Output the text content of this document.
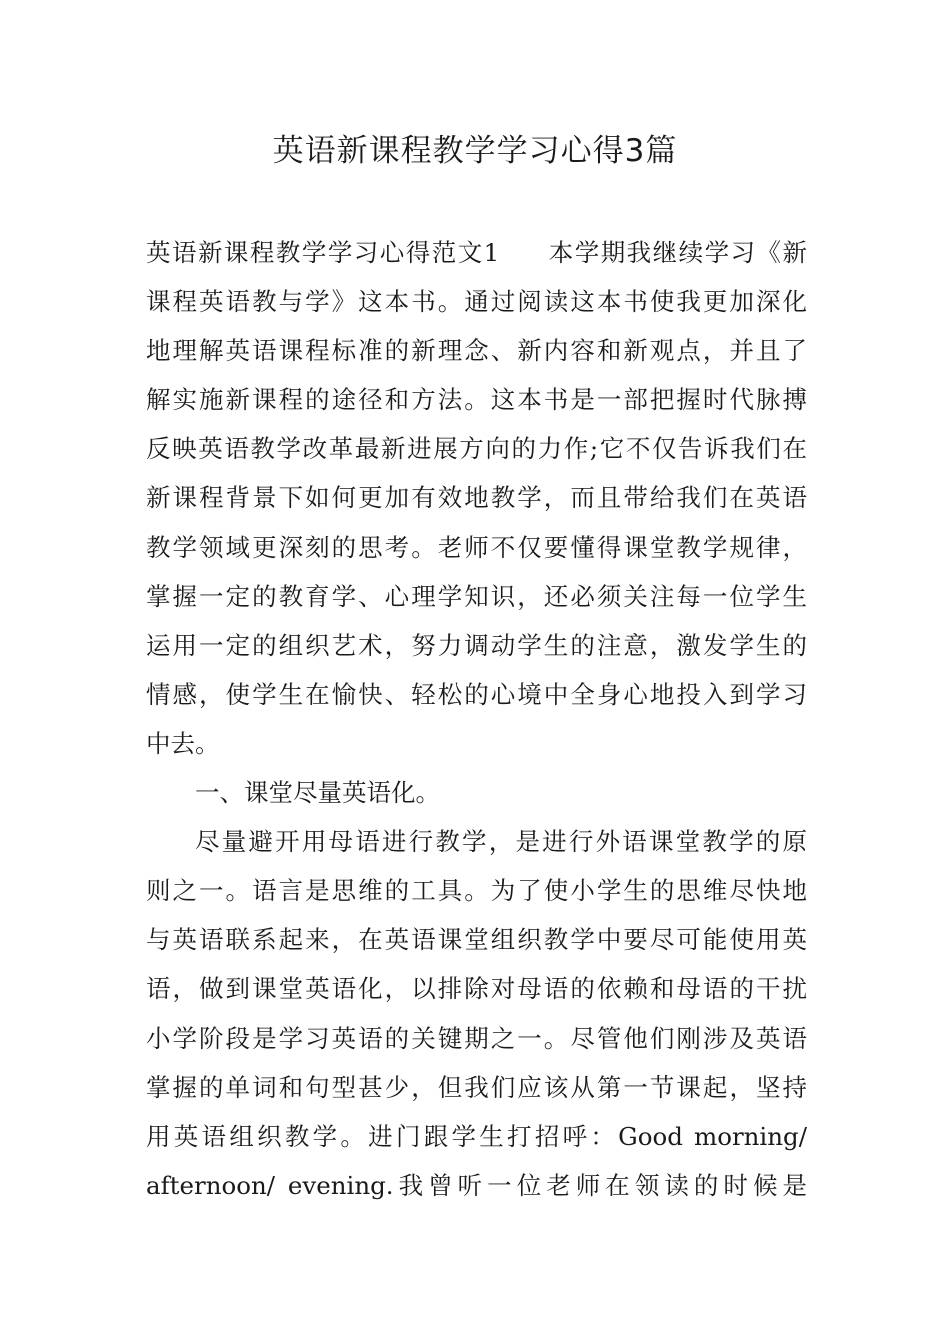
英语新课程教学学习心得3篇
英语新课程教学学习心得范文1 本学期我继续学习《新
课程英语教与学》这本书。通过阅读这本书使我更加深化
地理解英语课程标准的新理念、新内容和新观点，并且了
解实施新课程的途径和方法。这本书是一部把握时代脉搏
反映英语教学改革最新进展方向的力作;它不仅告诉我们在
新课程背景下如何更加有效地教学，而且带给我们在英语
教学领域更深刻的思考。老师不仅要懂得课堂教学规律，
掌握一定的教育学、心理学知识，还必须关注每一位学生
运用一定的组织艺术，努力调动学生的注意，激发学生的
情感，使学生在愉快、轻松的心境中全身心地投入到学习
中去。
一、课堂尽量英语化。
尽量避开用母语进行教学，是进行外语课堂教学的原
则之一。语言是思维的工具。为了使小学生的思维尽快地
与英语联系起来，在英语课堂组织教学中要尽可能使用英
语，做到课堂英语化，以排除对母语的依赖和母语的干扰
小学阶段是学习英语的关键期之一。尽管他们刚涉及英语
掌握的单词和句型甚少，但我们应该从第一节课起，坚持
用英语组织教学。进门跟学生打招呼：Good morning/
afternoon/ evening.我曾听一位老师在领读的时候是
